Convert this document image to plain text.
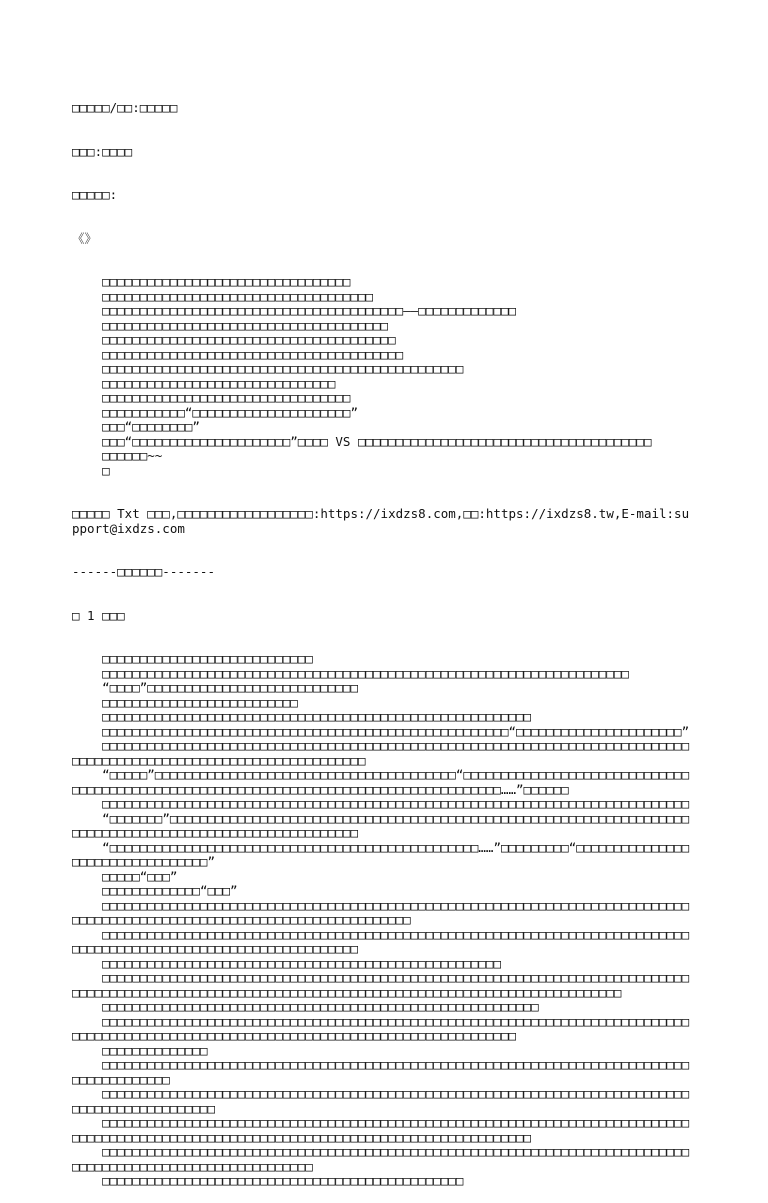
□□□□□/□□:□□□□□

□□□:□□□□

□□□□□:

《》

□□□□□□□□□□□□□□□□□□□□□□□□□□□□□□□□□
□□□□□□□□□□□□□□□□□□□□□□□□□□□□□□□□□□□□
□□□□□□□□□□□□□□□□□□□□□□□□□□□□□□□□□□□□□□□□——□□□□□□□□□□□□□
□□□□□□□□□□□□□□□□□□□□□□□□□□□□□□□□□□□□□□
□□□□□□□□□□□□□□□□□□□□□□□□□□□□□□□□□□□□□□□
□□□□□□□□□□□□□□□□□□□□□□□□□□□□□□□□□□□□□□□□
□□□□□□□□□□□□□□□□□□□□□□□□□□□□□□□□□□□□□□□□□□□□□□□□
□□□□□□□□□□□□□□□□□□□□□□□□□□□□□□□
□□□□□□□□□□□□□□□□□□□□□□□□□□□□□□□□□
□□□□□□□□□□□“□□□□□□□□□□□□□□□□□□□□□”
□□□“□□□□□□□□”
□□□“□□□□□□□□□□□□□□□□□□□□□”□□□□ VS □□□□□□□□□□□□□□□□□□□□□□□□□□□□□□□□□□□□□□□
□□□□□□~~
□

□□□□□ Txt □□□,□□□□□□□□□□□□□□□□□□:https://ixdzs8.com,□□:https://ixdzs8.tw,E-mail:support@ixdzs.com

------□□□□□□-------

□ 1 □□□

□□□□□□□□□□□□□□□□□□□□□□□□□□□□
□□□□□□□□□□□□□□□□□□□□□□□□□□□□□□□□□□□□□□□□□□□□□□□□□□□□□□□□□□□□□□□□□□□□□□
“□□□□”□□□□□□□□□□□□□□□□□□□□□□□□□□□□
□□□□□□□□□□□□□□□□□□□□□□□□□□
□□□□□□□□□□□□□□□□□□□□□□□□□□□□□□□□□□□□□□□□□□□□□□□□□□□□□□□□□
□□□□□□□□□□□□□□□□□□□□□□□□□□□□□□□□□□□□□□□□□□□□□□□□□□□□□□“□□□□□□□□□□□□□□□□□□□□□□”
□□□□□□□□□□□□□□□□□□□□□□□□□□□□□□□□□□□□□□□□□□□□□□□□□□□□□□□□□□□□□□□□□□□□□□□□□□□□□□□□□□□□□□□□□□□□□□□□□□□□□□□□□□□□□□□□□□□□□
“□□□□□”□□□□□□□□□□□□□□□□□□□□□□□□□□□□□□□□□□□□□□□□“□□□□□□□□□□□□□□□□□□□□□□□□□□□□□□□□□□□□□□□□□□□□□□□□□□□□□□□□□□□□□□□□□□□□□□□□□□□□□□□□□□□□□□□……”□□□□□□
□□□□□□□□□□□□□□□□□□□□□□□□□□□□□□□□□□□□□□□□□□□□□□□□□□□□□□□□□□□□□□□□□□□□□□□□□□□□□□
“□□□□□□□”□□□□□□□□□□□□□□□□□□□□□□□□□□□□□□□□□□□□□□□□□□□□□□□□□□□□□□□□□□□□□□□□□□□□□□□□□□□□□□□□□□□□□□□□□□□□□□□□□□□□□□□□□□□
“□□□□□□□□□□□□□□□□□□□□□□□□□□□□□□□□□□□□□□□□□□□□□□□□□……”□□□□□□□□□“□□□□□□□□□□□□□□□□□□□□□□□□□□□□□□□□□”
□□□□□“□□□”
□□□□□□□□□□□□□“□□□”
□□□□□□□□□□□□□□□□□□□□□□□□□□□□□□□□□□□□□□□□□□□□□□□□□□□□□□□□□□□□□□□□□□□□□□□□□□□□□□□□□□□□□□□□□□□□□□□□□□□□□□□□□□□□□□□□□□□□□□□□□□□
□□□□□□□□□□□□□□□□□□□□□□□□□□□□□□□□□□□□□□□□□□□□□□□□□□□□□□□□□□□□□□□□□□□□□□□□□□□□□□□□□□□□□□□□□□□□□□□□□□□□□□□□□□□□□□□□□□□□
□□□□□□□□□□□□□□□□□□□□□□□□□□□□□□□□□□□□□□□□□□□□□□□□□□□□□
□□□□□□□□□□□□□□□□□□□□□□□□□□□□□□□□□□□□□□□□□□□□□□□□□□□□□□□□□□□□□□□□□□□□□□□□□□□□□□□□□□□□□□□□□□□□□□□□□□□□□□□□□□□□□□□□□□□□□□□□□□□□□□□□□□□□□□□□□□□□□□□□□□□□□□□
□□□□□□□□□□□□□□□□□□□□□□□□□□□□□□□□□□□□□□□□□□□□□□□□□□□□□□□□□□
□□□□□□□□□□□□□□□□□□□□□□□□□□□□□□□□□□□□□□□□□□□□□□□□□□□□□□□□□□□□□□□□□□□□□□□□□□□□□□□□□□□□□□□□□□□□□□□□□□□□□□□□□□□□□□□□□□□□□□□□□□□□□□□□□□□□□□□□□
□□□□□□□□□□□□□□
□□□□□□□□□□□□□□□□□□□□□□□□□□□□□□□□□□□□□□□□□□□□□□□□□□□□□□□□□□□□□□□□□□□□□□□□□□□□□□□□□□□□□□□□□□□
□□□□□□□□□□□□□□□□□□□□□□□□□□□□□□□□□□□□□□□□□□□□□□□□□□□□□□□□□□□□□□□□□□□□□□□□□□□□□□□□□□□□□□□□□□□□□□□□□
□□□□□□□□□□□□□□□□□□□□□□□□□□□□□□□□□□□□□□□□□□□□□□□□□□□□□□□□□□□□□□□□□□□□□□□□□□□□□□□□□□□□□□□□□□□□□□□□□□□□□□□□□□□□□□□□□□□□□□□□□□□□□□□□□□□□□□□□□□□
□□□□□□□□□□□□□□□□□□□□□□□□□□□□□□□□□□□□□□□□□□□□□□□□□□□□□□□□□□□□□□□□□□□□□□□□□□□□□□□□□□□□□□□□□□□□□□□□□□□□□□□□□□□□□□
□□□□□□□□□□□□□□□□□□□□□□□□□□□□□□□□□□□□□□□□□□□□□□□□
